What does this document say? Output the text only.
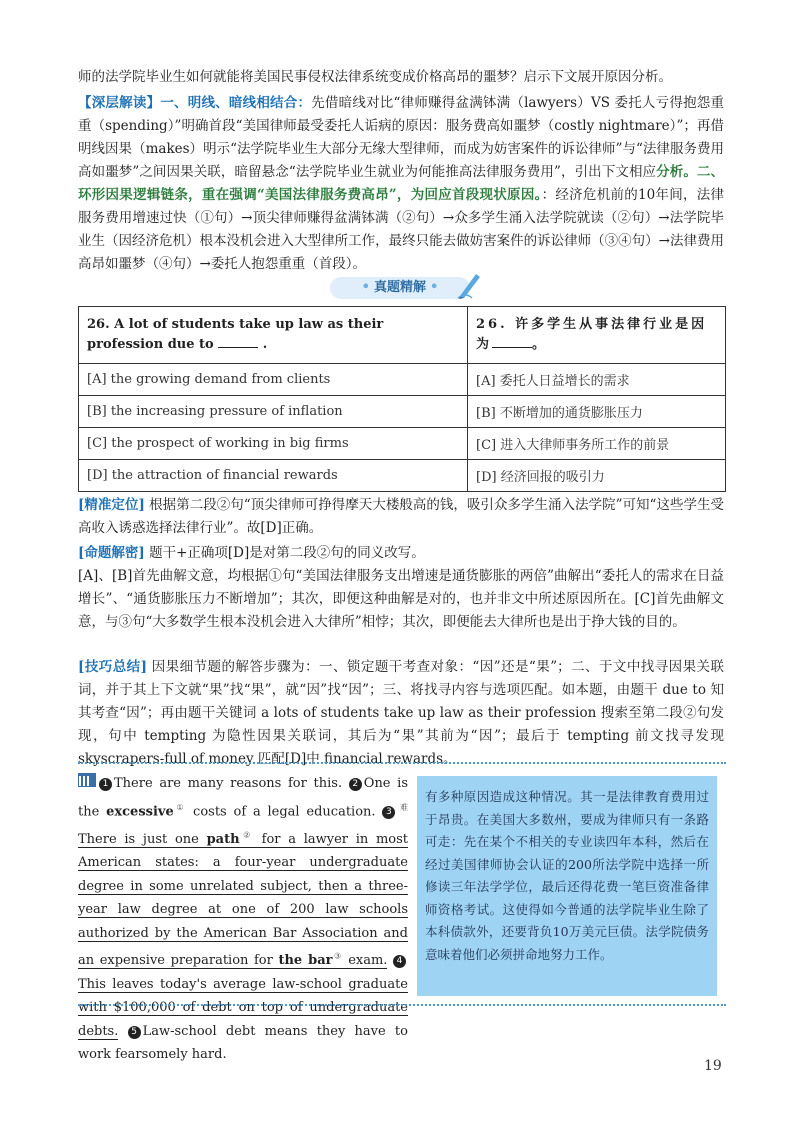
师的法学院毕业生如何就能将美国民事侵权法律系统变成价格高昂的噩梦？启示下文展开原因分析。

【深层解读】一、明线、暗线相结合：先借暗线对比“律师赚得盆满钵满（lawyers）VS 委托人亏得抱怨重重（spending）”明确首段“美国律师最受委托人诟病的原因：服务费高如噩梦（costly nightmare）”；再借明线因果（makes）明示“法学院毕业生大部分无缘大型律师，而成为妨害案件的诉讼律师”与“法律服务费用高如噩梦”之间因果关联，暗留悬念“法学院毕业生就业为何能推高法律服务费用”，引出下文相应分析。二、环形因果逻辑链条，重在强调“美国法律服务费高昂”，为回应首段现状原因。：经济危机前的10年间，法律服务费用增速过快（①句）→顶尖律师赚得盆满钵满（②句）→众多学生涌入法学院就读（②句）→法学院毕业生（因经济危机）根本没机会进入大型律所工作，最终只能去做妨害案件的诉讼律师（③④句）→法律费用高昂如噩梦（④句）→委托人抱怨重重（首段）。

• 真题精解 •
26. A lot of students take up law as their profession due to .	26. 许多学生从事法律行业是因
为 。
[A] the growing demand from clients	[A] 委托人日益增长的需求
[B] the increasing pressure of inflation	[B] 不断增加的通货膨胀压力
[C] the prospect of working in big firms	[C] 进入大律师事务所工作的前景
[D] the attraction of financial rewards	[D] 经济回报的吸引力

[精准定位] 根据第二段②句“顶尖律师可挣得摩天大楼般高的钱，吸引众多学生涌入法学院”可知“这些学生受高收入诱惑选择法律行业”。故[D]正确。

[命题解密] 题干+正确项[D]是对第二段②句的同义改写。

[A]、[B]首先曲解文意，均根据①句“美国法律服务支出增速是通货膨胀的两倍”曲解出“委托人的需求在日益增长”、“通货膨胀压力不断增加”；其次，即便这种曲解是对的，也并非文中所述原因所在。[C]首先曲解文意，与③句“大多数学生根本没机会进入大律所”相悖；其次，即便能去大律所也是出于挣大钱的目的。

[技巧总结] 因果细节题的解答步骤为：一、锁定题干考查对象：“因”还是“果”；二、于文中找寻因果关联词，并于其上下文就“果”找“果”，就“因”找“因”；三、将找寻内容与选项匹配。如本题，由题干 due to 知其考查“因”；再由题干关键词 a lots of students take up law as their profession 搜索至第二段②句发现，句中 tempting 为隐性因果关联词，其后为“果”其前为“因”；最后于 tempting 前文找寻发现 skyscrapers-full of money 匹配[D]中 financial rewards。

1 There are many reasons for this. 2 One is the excessive① costs of a legal education. 3 $^难$ There is just one path② for a lawyer in most American states: a four-year undergraduate degree in some unrelated subject, then a three-year law degree at one of 200 law schools authorized by the American Bar Association and an expensive preparation for the bar③ exam. 4This leaves today's average law-school graduate with $100,000 of debt on top of undergraduate debts. 5 Law-school debt means they have to work fearsomely hard.
有多种原因造成这种情况。其一是法律教育费用过于昂贵。在美国大多数州，要成为律师只有一条路可走：先在某个不相关的专业读四年本科，然后在经过美国律师协会认证的200所法学院中选择一所修读三年法学学位，最后还得花费一笔巨资准备律师资格考试。这使得如今普通的法学院毕业生除了本科债款外，还要背负10万美元巨债。法学院债务意味着他们必须拼命地努力工作。
19
